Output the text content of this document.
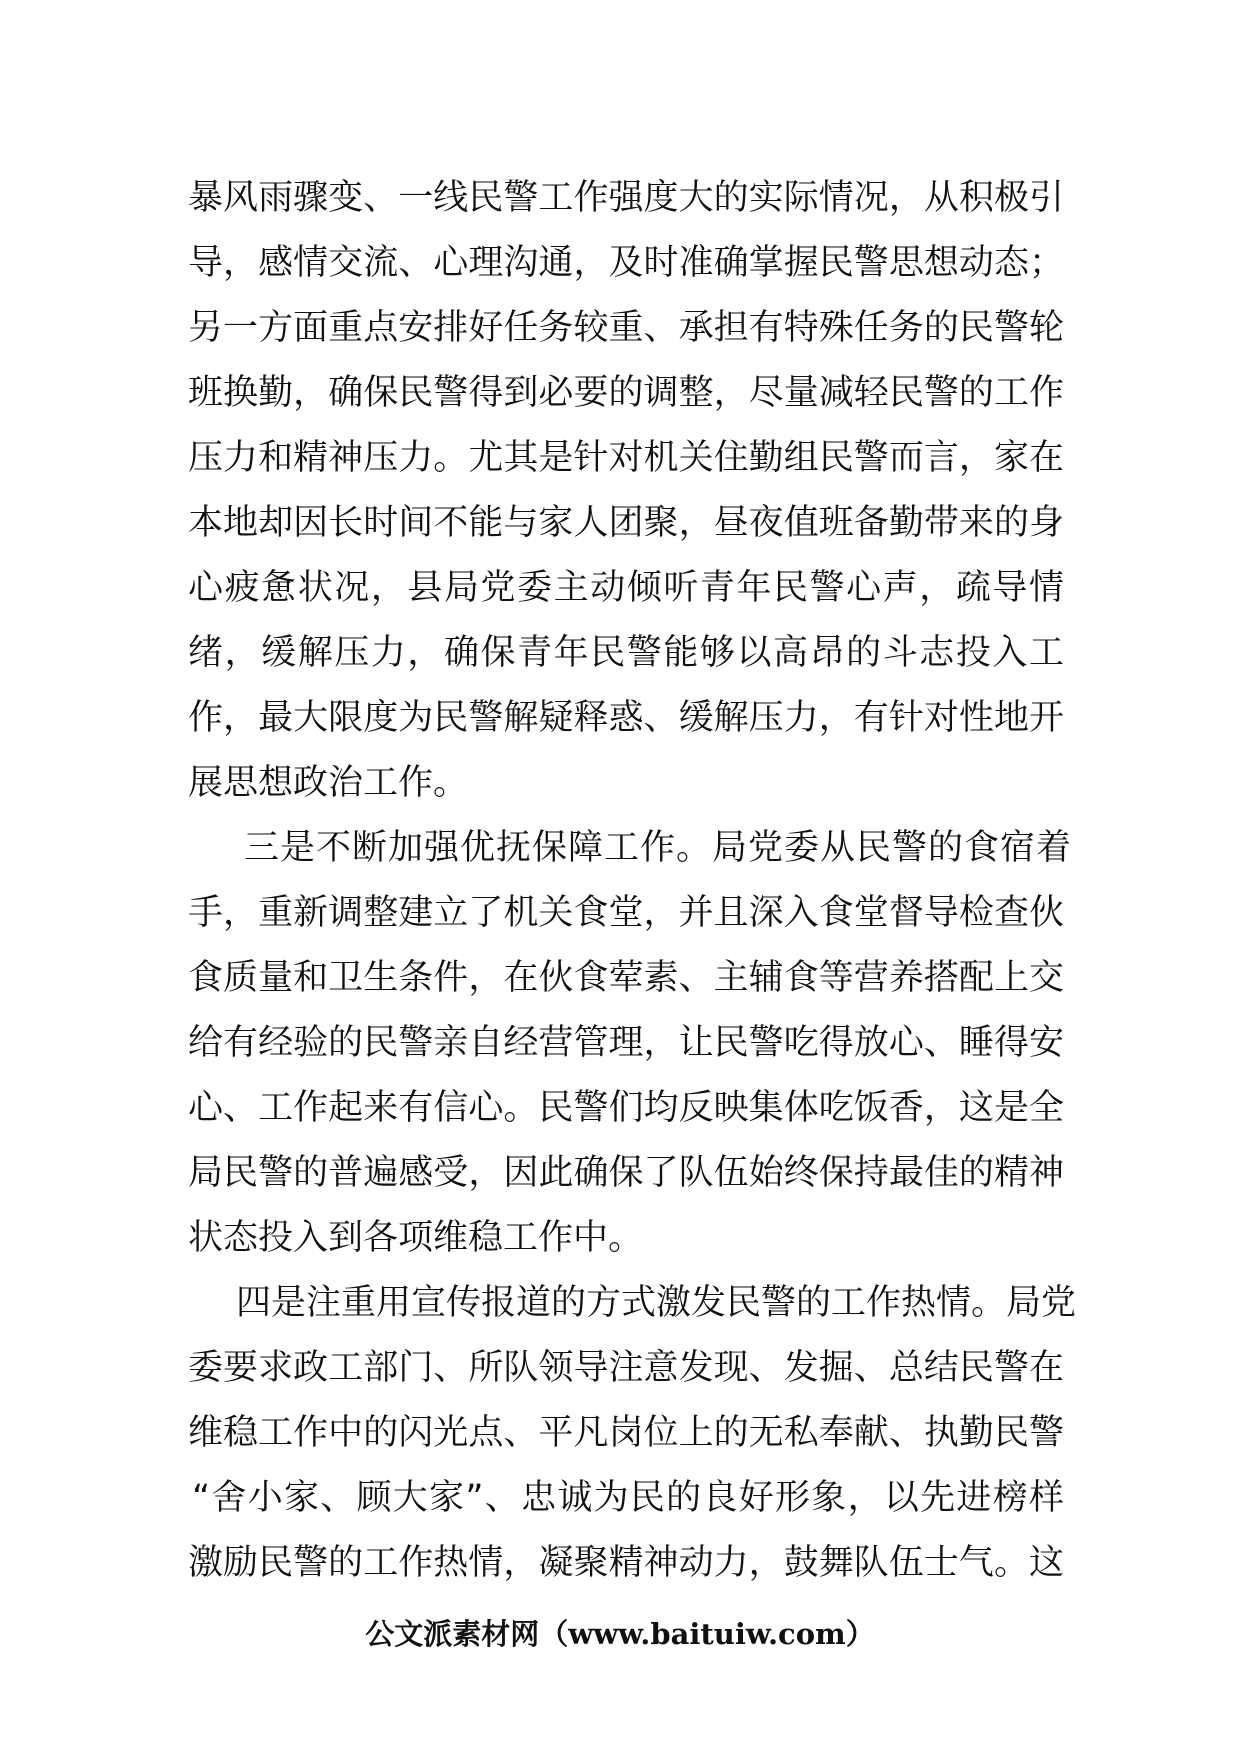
暴风雨骤变、一线民警工作强度大的实际情况，从积极引
导，感情交流、心理沟通，及时准确掌握民警思想动态；
另一方面重点安排好任务较重、承担有特殊任务的民警轮
班换勤，确保民警得到必要的调整，尽量减轻民警的工作
压力和精神压力。尤其是针对机关住勤组民警而言，家在
本地却因长时间不能与家人团聚，昼夜值班备勤带来的身
心疲惫状况，县局党委主动倾听青年民警心声，疏导情
绪，缓解压力，确保青年民警能够以高昂的斗志投入工
作，最大限度为民警解疑释惑、缓解压力，有针对性地开
展思想政治工作。
三是不断加强优抚保障工作。局党委从民警的食宿着
手，重新调整建立了机关食堂，并且深入食堂督导检查伙
食质量和卫生条件，在伙食荤素、主辅食等营养搭配上交
给有经验的民警亲自经营管理，让民警吃得放心、睡得安
心、工作起来有信心。民警们均反映集体吃饭香，这是全
局民警的普遍感受，因此确保了队伍始终保持最佳的精神
状态投入到各项维稳工作中。
四是注重用宣传报道的方式激发民警的工作热情。局党
委要求政工部门、所队领导注意发现、发掘、总结民警在
维稳工作中的闪光点、平凡岗位上的无私奉献、执勤民警
“舍小家、顾大家”、忠诚为民的良好形象，以先进榜样
激励民警的工作热情，凝聚精神动力，鼓舞队伍士气。这
公文派素材网（www.baituiw.com）
